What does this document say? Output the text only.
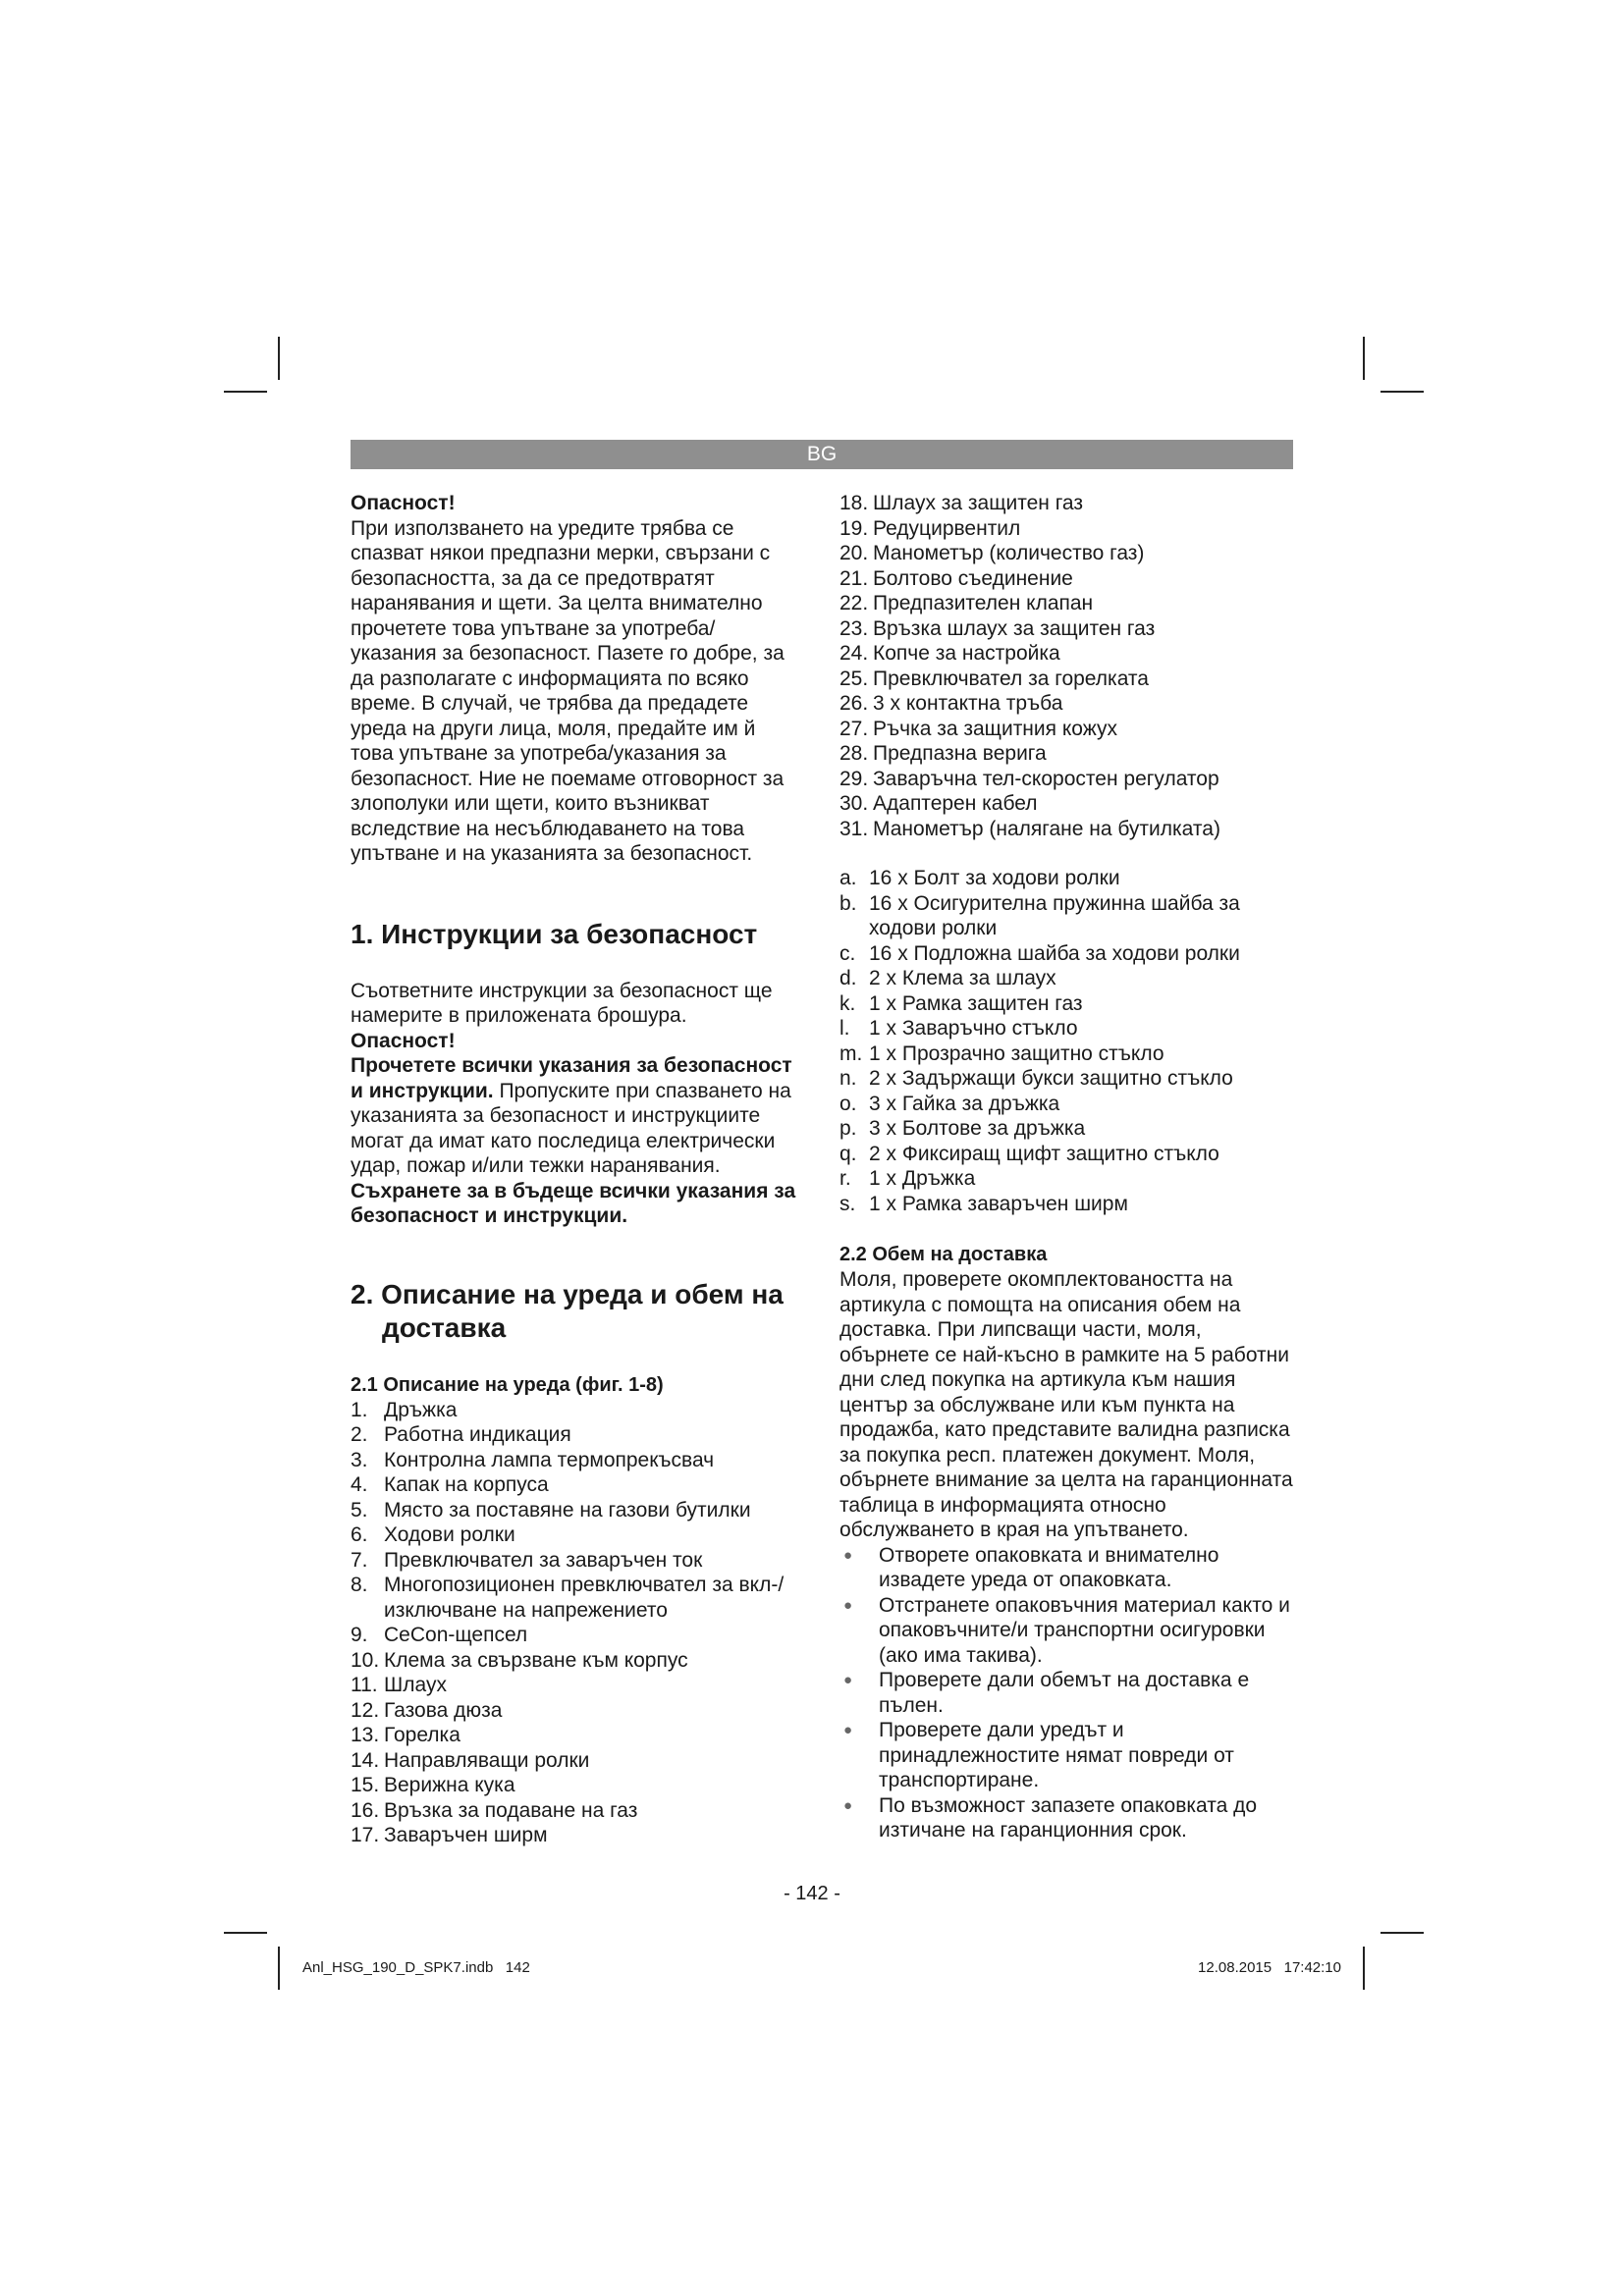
BG

Опасност!

При използването на уредите трябва се спазват някои предпазни мерки, свързани с безопасността, за да се предотвратят наранявания и щети. За целта внимателно прочетете това упътване за употреба/указания за безопасност. Пазете го добре, за да разполагате с информацията по всяко време. В случай, че трябва да предадете уреда на други лица, моля, предайте им й това упътване за употреба/указания за безопасност. Ние не поемаме отговорност за злополуки или щети, които възникват вследствие на несъблюдаването на това упътване и на указанията за безопасност.

1. Инструкции за безопасност

Съответните инструкции за безопасност ще намерите в приложената брошура.

Опасност!

Прочетете всички указания за безопасност и инструкции. Пропуските при спазването на указанията за безопасност и инструкциите могат да имат като последица електрически удар, пожар и/или тежки наранявания. Съхранете за в бъдеще всички указания за безопасност и инструкции.

2. Описание на уреда и обем на доставка
2.1 Описание на уреда (фиг. 1-8)
1. Дръжка
2. Работна индикация
3. Контролна лампа термопрекъсвач
4. Капак на корпуса
5. Място за поставяне на газови бутилки
6. Ходови ролки
7. Превключвател за заваръчен ток
8. Многопозиционен превключвател за вкл-/изключване на напрежението
9. CeCon-щепсел
10. Клема за свързване към корпус
11. Шлаух
12. Газова дюза
13. Горелка
14. Направляващи ролки
15. Верижна кука
16. Връзка за подаване на газ
17. Заваръчен ширм
18. Шлаух за защитен газ
19. Редуцирвентил
20. Манометър (количество газ)
21. Болтово съединение
22. Предпазителен клапан
23. Връзка шлаух за защитен газ
24. Копче за настройка
25. Превключвател за горелката
26. 3 x контактна тръба
27. Ръчка за защитния кожух
28. Предпазна верига
29. Заваръчна тел-скоростен регулатор
30. Адаптерен кабел
31. Манометър (налягане на бутилката)
a. 16 x Болт за ходови ролки
b. 16 x Осигурителна пружинна шайба за ходови ролки
c. 16 x Подложна шайба за ходови ролки
d. 2 x Клема за шлаух
k. 1 x Рамка защитен газ
l. 1 x Заваръчно стъкло
m. 1 x Прозрачно защитно стъкло
n. 2 x Задържащи букси защитно стъкло
o. 3 x Гайка за дръжка
p. 3 x Болтове за дръжка
q. 2 x Фиксиращ щифт защитно стъкло
r. 1 x Дръжка
s. 1 x Рамка заваръчен ширм
2.2 Обем на доставка

Моля, проверете окомплектоваността на артикула с помощта на описания обем на доставка. При липсващи части, моля, обърнете се най-късно в рамките на 5 работни дни след покупка на артикула към нашия център за обслужване или към пункта на продажба, като представите валидна разписка за покупка респ. платежен документ. Моля, обърнете внимание за целта на гаранционната таблица в информацията относно обслужването в края на упътването.

●	Отворете опаковката и внимателно извадете уреда от опаковката.
●	Отстранете опаковъчния материал както и опаковъчните/и транспортни осигуровки (ако има такива).
●	Проверете дали обемът на доставка е пълен.
●	Проверете дали уредът и принадлежностите нямат повреди от транспортиране.
●	По възможност запазете опаковката до изтичане на гаранционния срок.
- 142 -
Anl_HSG_190_D_SPK7.indb   142	12.08.2015   17:42:10
